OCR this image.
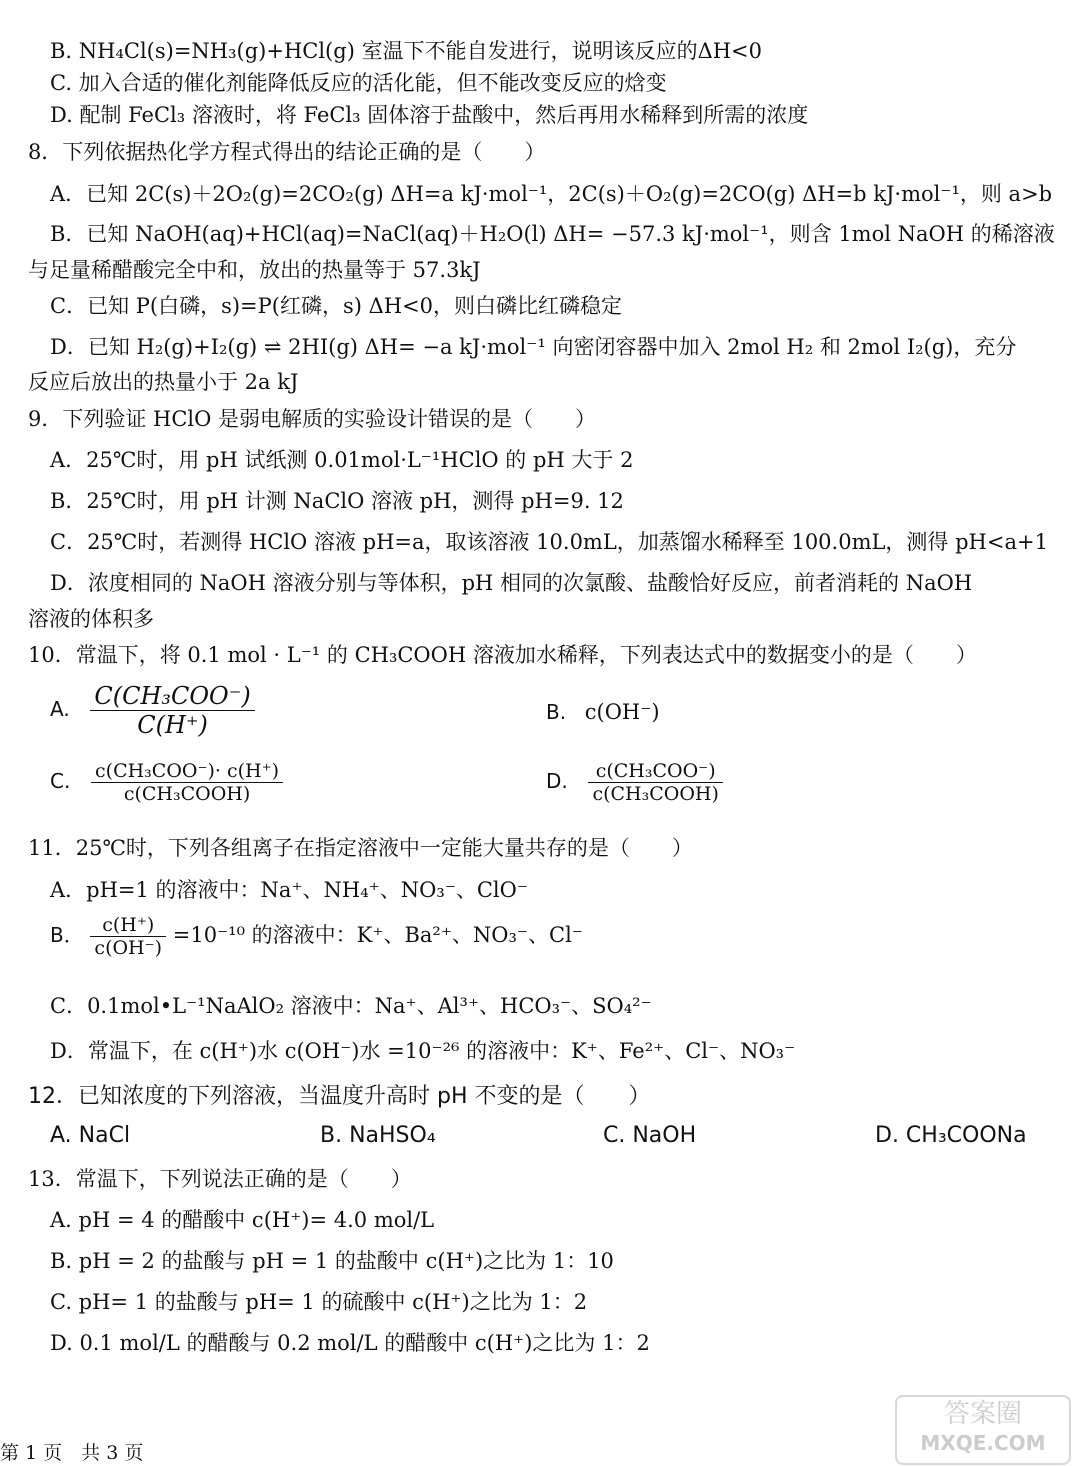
B. NH₄Cl(s)=NH₃(g)+HCl(g) 室温下不能自发进行，说明该反应的ΔH<0
C. 加入合适的催化剂能降低反应的活化能，但不能改变反应的焓变
D. 配制 FeCl₃ 溶液时，将 FeCl₃ 固体溶于盐酸中，然后再用水稀释到所需的浓度
8．下列依据热化学方程式得出的结论正确的是（　　）
A．已知 2C(s)＋2O₂(g)=2CO₂(g) ΔH=a kJ·mol⁻¹，2C(s)＋O₂(g)=2CO(g) ΔH=b kJ·mol⁻¹，则 a>b
B．已知 NaOH(aq)+HCl(aq)=NaCl(aq)＋H₂O(l) ΔH= −57.3 kJ·mol⁻¹，则含 1mol NaOH 的稀溶液
与足量稀醋酸完全中和，放出的热量等于 57.3kJ
C．已知 P(白磷，s)=P(红磷，s) ΔH<0，则白磷比红磷稳定
D．已知 H₂(g)+I₂(g) ⇌ 2HI(g) ΔH= −a kJ·mol⁻¹ 向密闭容器中加入 2mol H₂ 和 2mol I₂(g)，充分
反应后放出的热量小于 2a kJ
9．下列验证 HClO 是弱电解质的实验设计错误的是（　　）
A．25℃时，用 pH 试纸测 0.01mol·L⁻¹HClO 的 pH 大于 2
B．25℃时，用 pH 计测 NaClO 溶液 pH，测得 pH=9. 12
C．25℃时，若测得 HClO 溶液 pH=a，取该溶液 10.0mL，加蒸馏水稀释至 100.0mL，测得 pH<a+1
D．浓度相同的 NaOH 溶液分别与等体积，pH 相同的次氯酸、盐酸恰好反应，前者消耗的 NaOH
溶液的体积多
10．常温下，将 0.1 mol · L⁻¹ 的 CH₃COOH 溶液加水稀释，下列表达式中的数据变小的是（　　）
A. $\frac{\text{C(CH₃COO⁻)}}{C(H^+)}$	B. c(OH⁻)
C. $\frac{\text{c(CH₃COO⁻)· c(H⁺)}}{\text{c(CH₃COOH)}}$	D. $\frac{\text{c(CH₃COO⁻)}}{\text{c(CH₃COOH)}}$
11．25℃时，下列各组离子在指定溶液中一定能大量共存的是（　　）
A．pH=1 的溶液中：Na⁺、NH₄⁺、NO₃⁻、ClO⁻
B． $\frac{c(H^+)}{c(OH^-)} =10^{-10}$ 的溶液中：K⁺、Ba²⁺、NO₃⁻、Cl⁻
C．0.1mol•L⁻¹NaAlO₂ 溶液中：Na⁺、Al³⁺、HCO₃⁻、SO₄²⁻
D．常温下，在 c(H⁺)水 c(OH⁻)水 =10⁻²⁶ 的溶液中：K⁺、Fe²⁺、Cl⁻、NO₃⁻
12．已知浓度的下列溶液，当温度升高时 pH 不变的是（　　）
A. NaCl	B. NaHSO₄	C. NaOH	D. CH₃COONa
13．常温下，下列说法正确的是（　　）
A. pH = 4 的醋酸中 c(H⁺)= 4.0 mol/L
B. pH = 2 的盐酸与 pH = 1 的盐酸中 c(H⁺)之比为 1：10
C. pH= 1 的盐酸与 pH= 1 的硫酸中 c(H⁺)之比为 1：2
D. 0.1 mol/L 的醋酸与 0.2 mol/L 的醋酸中 c(H⁺)之比为 1：2
第 1 页　共 3 页
答案圈
MXQE.COM
